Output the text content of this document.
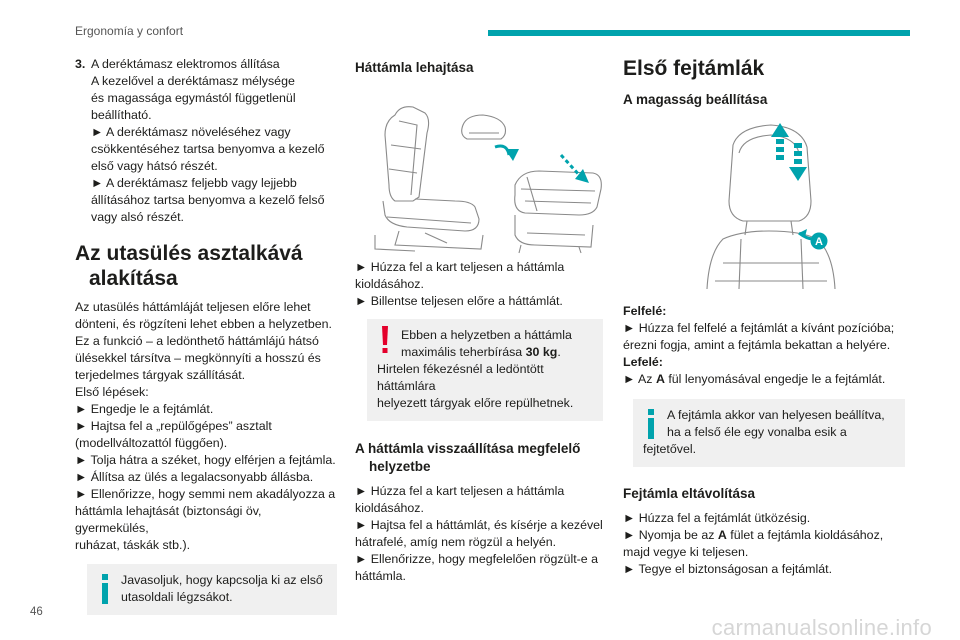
Ergonomía y confort
3. A deréktámasz elektromos állítása

A kezelővel a deréktámasz mélysége

és magassága egymástól függetlenül

beállítható.

► A deréktámasz növeléséhez vagy

csökkentéséhez tartsa benyomva a kezelő

első vagy hátsó részét.

► A deréktámasz feljebb vagy lejjebb

állításához tartsa benyomva a kezelő felső

vagy alsó részét.

Az utasülés asztalkává

alakítása

Az utasülés háttámláját teljesen előre lehet

dönteni, és rögzíteni lehet ebben a helyzetben.

Ez a funkció – a ledönthető háttámlájú hátsó

ülésekkel társítva – megkönnyíti a hosszú és

terjedelmes tárgyak szállítását.

Első lépések:

► Engedje le a fejtámlát.

► Hajtsa fel a „repülőgépes” asztalt

(modellváltozattól függően).

► Tolja hátra a széket, hogy elférjen a fejtámla.

► Állítsa az ülés a legalacsonyabb állásba.

► Ellenőrizze, hogy semmi nem akadályozza a

háttámla lehajtását (biztonsági öv, gyermekülés,

ruházat, táskák stb.).

Javasoljuk, hogy kapcsolja ki az első

utasoldali légzsákot.

Háttámla lehajtása

► Húzza fel a kart teljesen a háttámla

kioldásához.

► Billentse teljesen előre a háttámlát.

Ebben a helyzetben a háttámla

maximális teherbírása 30 kg.

Hirtelen fékezésnél a ledöntött háttámlára

helyezett tárgyak előre repülhetnek.

A háttámla visszaállítása megfelelő

helyzetbe

► Húzza fel a kart teljesen a háttámla

kioldásához.

► Hajtsa fel a háttámlát, és kísérje a kezével

hátrafelé, amíg nem rögzül a helyén.

► Ellenőrizze, hogy megfelelően rögzült-e a

háttámla.

Első fejtámlák

A magasság beállítása

A

Felfelé:

► Húzza fel felfelé a fejtámlát a kívánt pozícióba;

érezni fogja, amint a fejtámla bekattan a helyére.

Lefelé:

► Az A fül lenyomásával engedje le a fejtámlát.

A fejtámla akkor van helyesen beállítva,

ha a felső éle egy vonalba esik a

fejtetővel.

Fejtámla eltávolítása

► Húzza fel a fejtámlát ütközésig.

► Nyomja be az A fület a fejtámla kioldásához,

majd vegye ki teljesen.

► Tegye el biztonságosan a fejtámlát.

46
carmanualsonline.info
